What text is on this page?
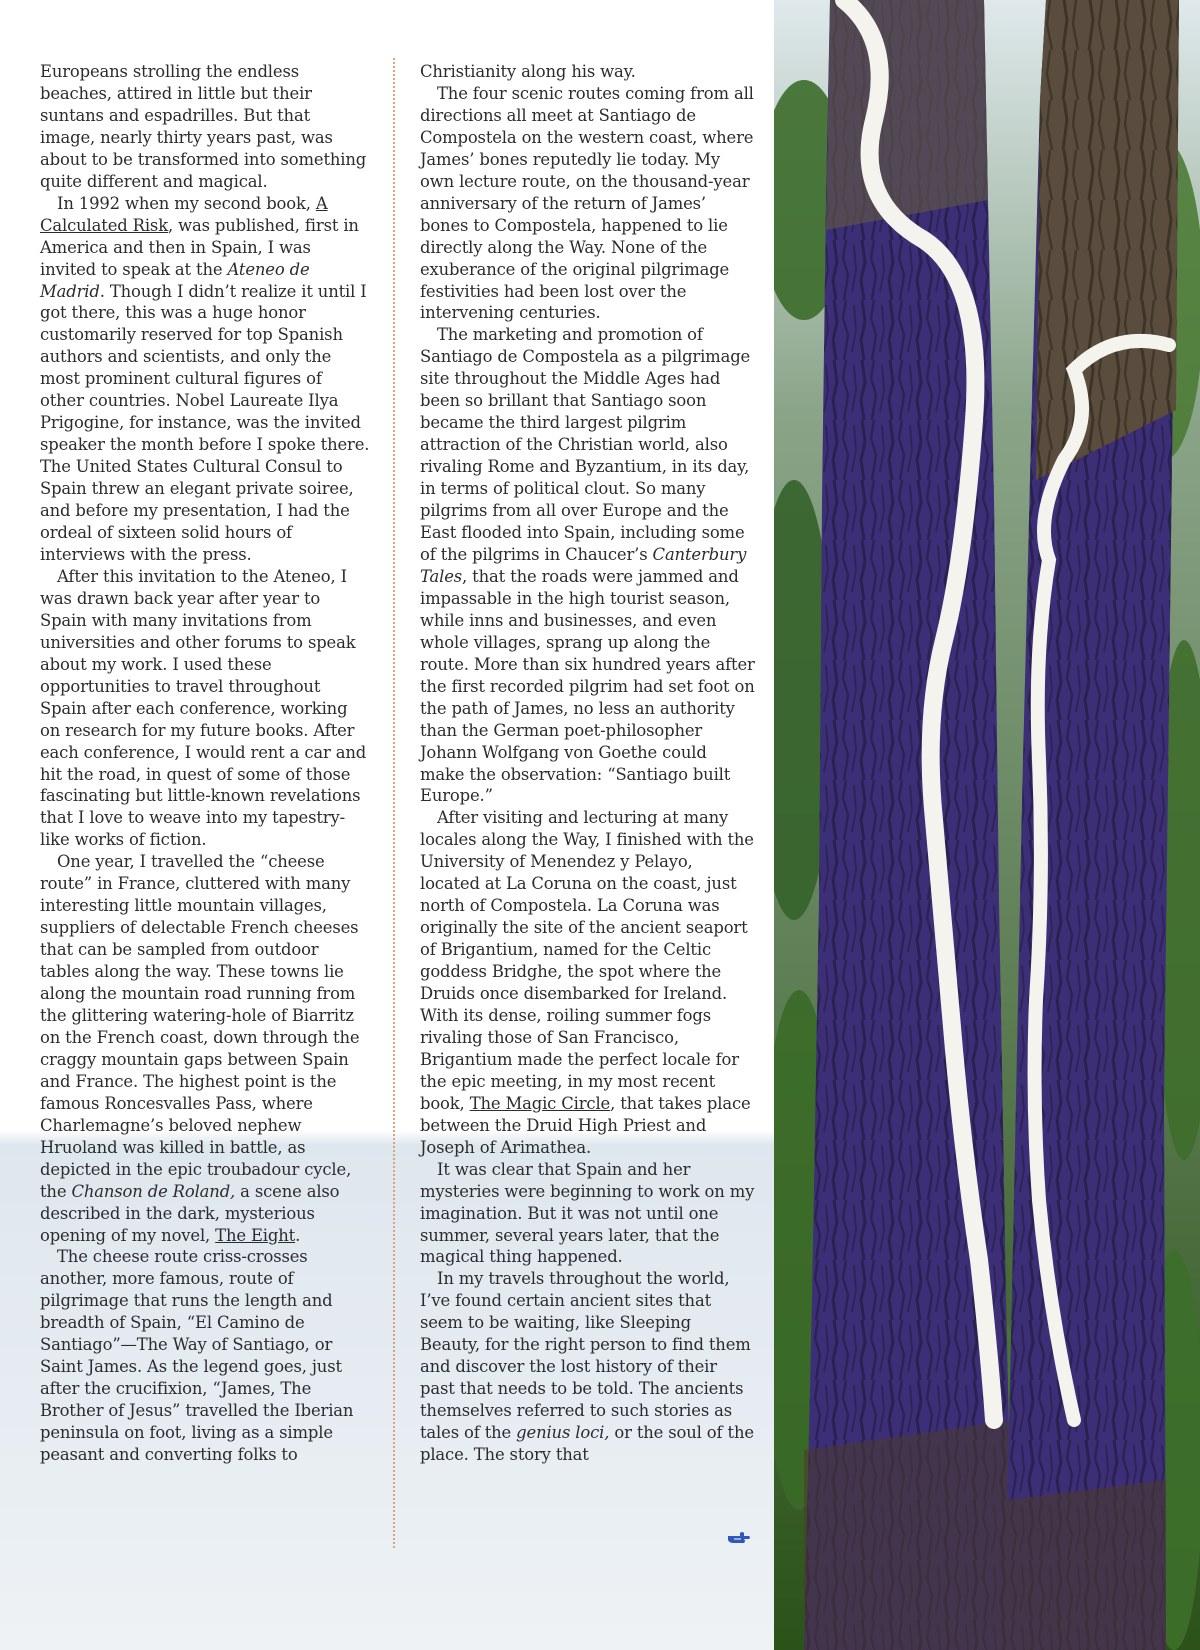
Europeans strolling the endless beaches, attired in little but their suntans and espadrilles. But that image, nearly thirty years past, was about to be transformed into something quite different and magical.

In 1992 when my second book, A Calculated Risk, was published, first in America and then in Spain, I was invited to speak at the Ateneo de Madrid. Though I didn’t realize it until I got there, this was a huge honor customarily reserved for top Spanish authors and scientists, and only the most prominent cultural figures of other countries. Nobel Laureate Ilya Prigogine, for instance, was the invited speaker the month before I spoke there. The United States Cultural Consul to Spain threw an elegant private soiree, and before my presentation, I had the ordeal of sixteen solid hours of interviews with the press.

After this invitation to the Ateneo, I was drawn back year after year to Spain with many invitations from universities and other forums to speak about my work. I used these opportunities to travel throughout Spain after each conference, working on research for my future books. After each conference, I would rent a car and hit the road, in quest of some of those fascinating but little-known revelations that I love to weave into my tapestry-like works of fiction.

One year, I travelled the “cheese route” in France, cluttered with many interesting little mountain villages, suppliers of delectable French cheeses that can be sampled from outdoor tables along the way. These towns lie along the mountain road running from the glittering watering-hole of Biarritz on the French coast, down through the craggy mountain gaps between Spain and France. The highest point is the famous Roncesvalles Pass, where Charlemagne’s beloved nephew Hruoland was killed in battle, as depicted in the epic troubadour cycle, the Chanson de Roland, a scene also described in the dark, mysterious opening of my novel, The Eight.

The cheese route criss-crosses another, more famous, route of pilgrimage that runs the length and breadth of Spain, “El Camino de Santiago”—The Way of Santiago, or Saint James. As the legend goes, just after the crucifixion, “James, The Brother of Jesus” travelled the Iberian peninsula on foot, living as a simple peasant and converting folks to

Christianity along his way.

The four scenic routes coming from all directions all meet at Santiago de Compostela on the western coast, where James’ bones reputedly lie today. My own lecture route, on the thousand-year anniversary of the return of James’ bones to Compostela, happened to lie directly along the Way. None of the exuberance of the original pilgrimage festivities had been lost over the intervening centuries.

The marketing and promotion of Santiago de Compostela as a pilgrimage site throughout the Middle Ages had been so brillant that Santiago soon became the third largest pilgrim attraction of the Christian world, also rivaling Rome and Byzantium, in its day, in terms of political clout. So many pilgrims from all over Europe and the East flooded into Spain, including some of the pilgrims in Chaucer’s Canterbury Tales, that the roads were jammed and impassable in the high tourist season, while inns and businesses, and even whole villages, sprang up along the route. More than six hundred years after the first recorded pilgrim had set foot on the path of James, no less an authority than the German poet-philosopher Johann Wolfgang von Goethe could make the observation: “Santiago built Europe.”

After visiting and lecturing at many locales along the Way, I finished with the University of Menendez y Pelayo, located at La Coruna on the coast, just north of Compostela. La Coruna was originally the site of the ancient seaport of Brigantium, named for the Celtic goddess Bridghe, the spot where the Druids once disembarked for Ireland. With its dense, roiling summer fogs rivaling those of San Francisco, Brigantium made the perfect locale for the epic meeting, in my most recent book, The Magic Circle, that takes place between the Druid High Priest and Joseph of Arimathea.

It was clear that Spain and her mysteries were beginning to work on my imagination. But it was not until one summer, several years later, that the magical thing happened.

In my travels throughout the world, I’ve found certain ancient sites that seem to be waiting, like Sleeping Beauty, for the right person to find them and discover the lost history of their past that needs to be told. The ancients themselves referred to such stories as tales of the genius loci, or the soul of the place. The story that
